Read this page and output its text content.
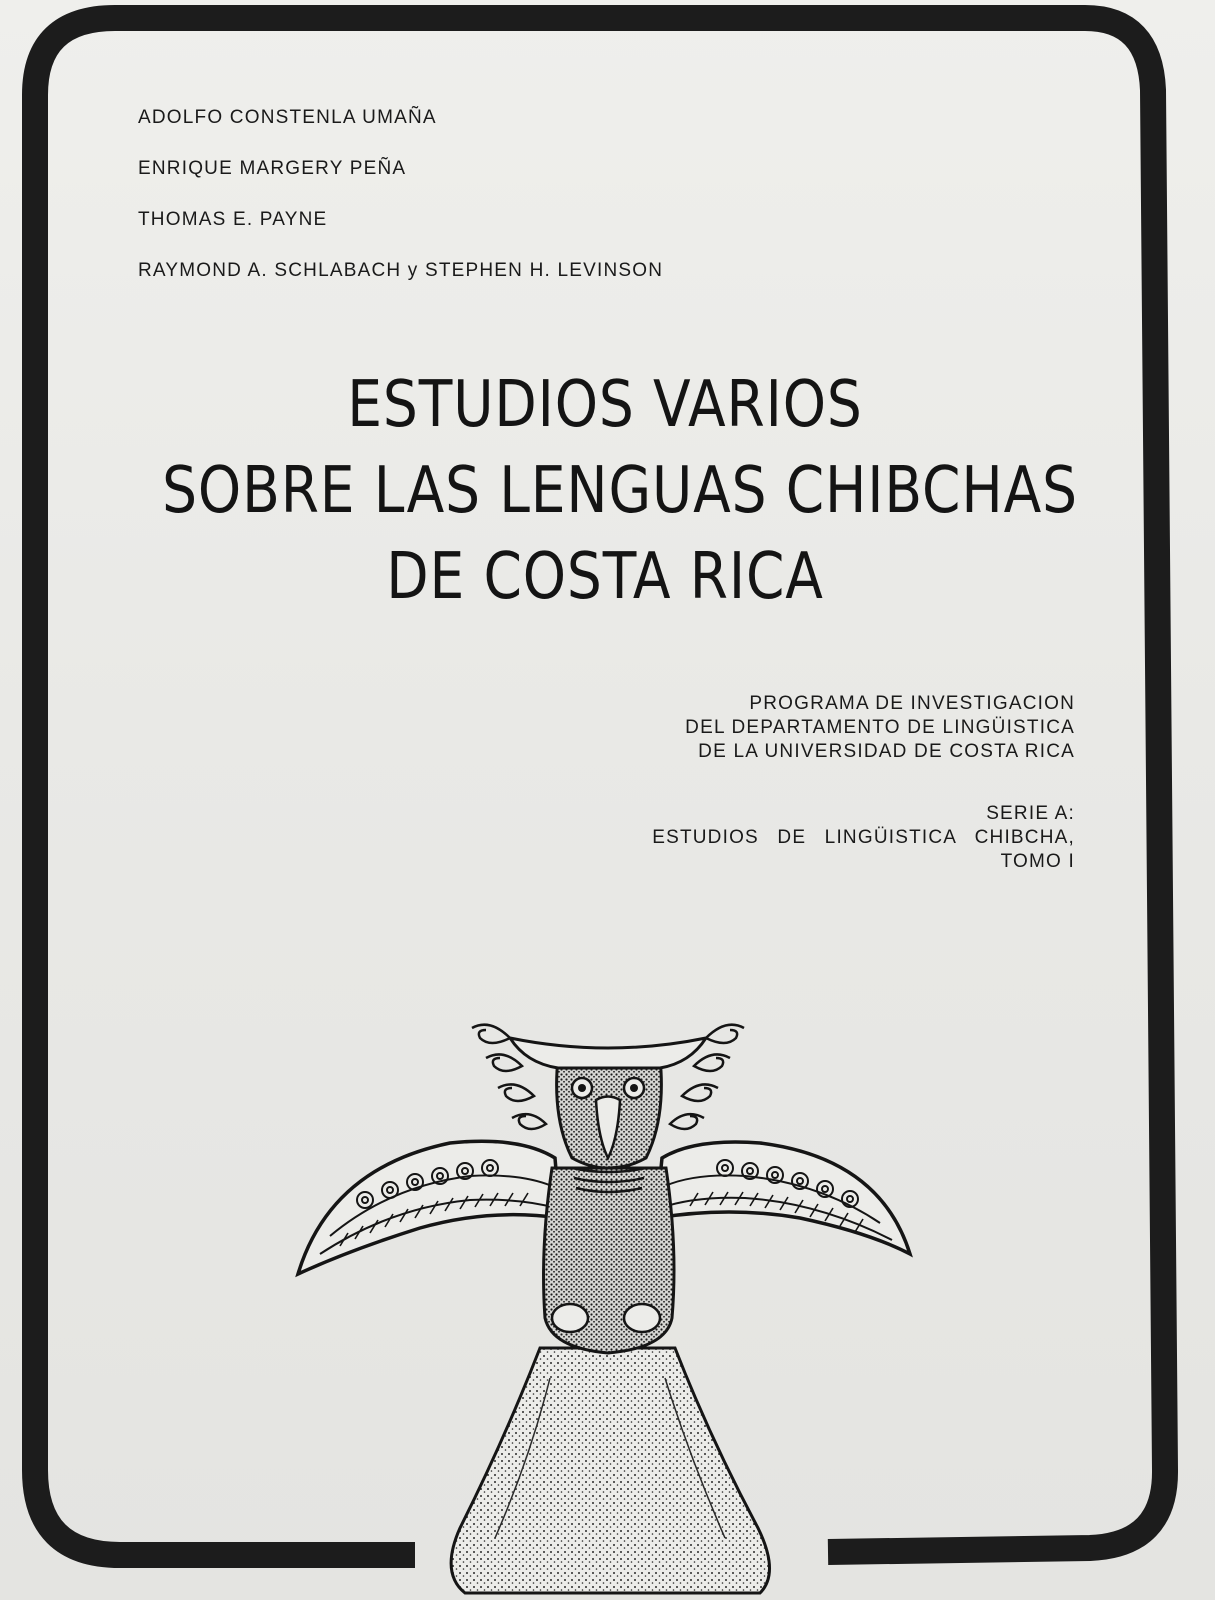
ADOLFO CONSTENLA UMAÑA
ENRIQUE MARGERY PEÑA
THOMAS E. PAYNE
RAYMOND A. SCHLABACH y STEPHEN H. LEVINSON
ESTUDIOS VARIOS
SOBRE LAS LENGUAS CHIBCHAS
DE COSTA RICA
PROGRAMA DE INVESTIGACION
DEL DEPARTAMENTO DE LINGÜISTICA
DE LA UNIVERSIDAD DE COSTA RICA
SERIE A:
ESTUDIOS DE LINGÜISTICA CHIBCHA,
TOMO I
